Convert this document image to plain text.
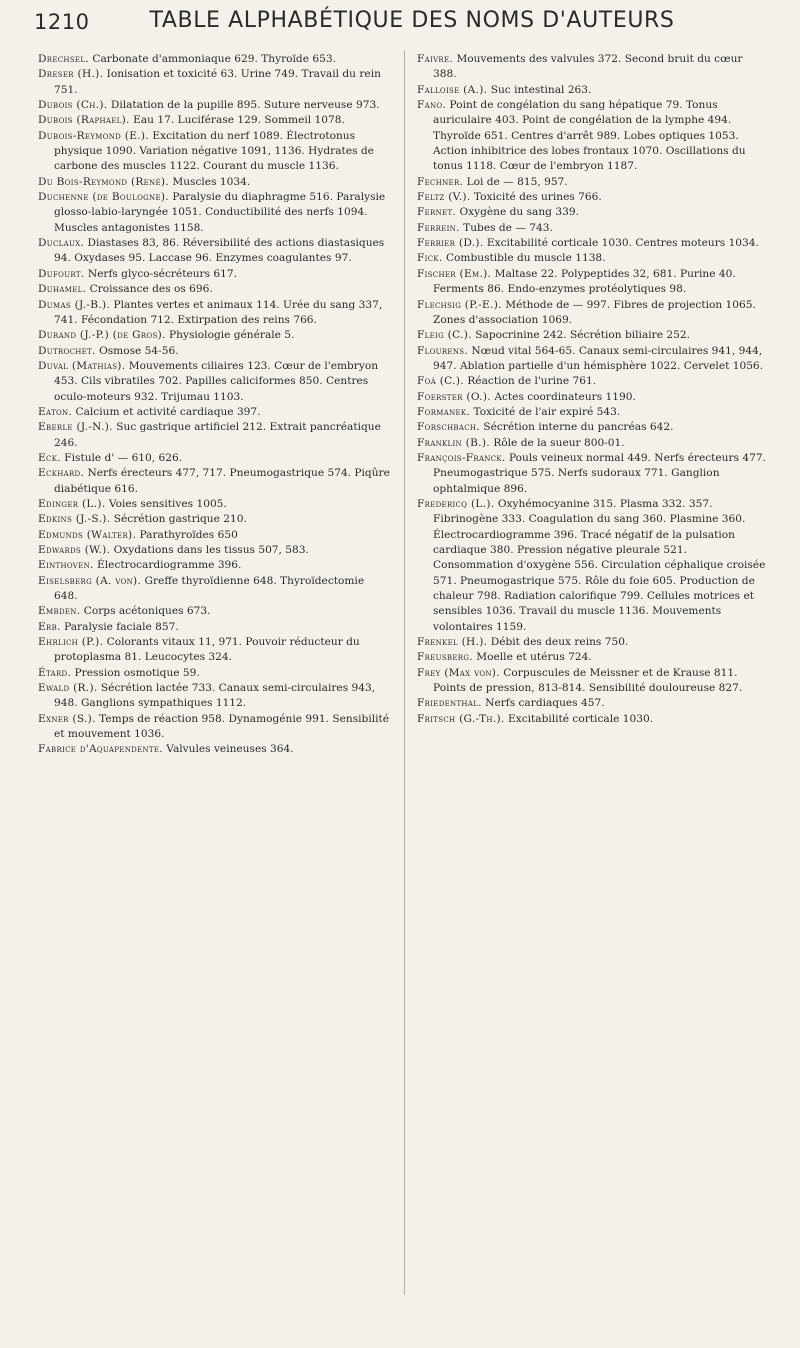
1210	TABLE ALPHABÉTIQUE DES NOMS D'AUTEURS
Drechsel. Carbonate d'ammoniaque 629. Thyroïde 653.
Dreser (H.). Ionisation et toxicité 63. Urine 749. Travail du rein 751.
Dubois (Ch.). Dilatation de la pupille 895. Suture nerveuse 973.
Dubois (Raphael). Eau 17. Luciférase 129. Sommeil 1078.
Dubois-Reymond (E.). Excitation du nerf 1089. Électrotonus physique 1090. Variation négative 1091, 1136. Hydrates de carbone des muscles 1122. Courant du muscle 1136.
Du Bois-Reymond (René). Muscles 1034.
Duchenne (de Boulogne). Paralysie du diaphragme 516. Paralysie glosso-labio-laryngée 1051. Conductibilité des nerfs 1094. Muscles antagonistes 1158.
Duclaux. Diastases 83, 86. Réversibilité des actions diastasiques 94. Oxydases 95. Laccase 96. Enzymes coagulantes 97.
Dufourt. Nerfs glyco-sécréteurs 617.
Duhamel. Croissance des os 696.
Dumas (J.-B.). Plantes vertes et animaux 114. Urée du sang 337, 741. Fécondation 712. Extirpation des reins 766.
Durand (J.-P.) (de Gros). Physiologie générale 5.
Dutrochet. Osmose 54-56.
Duval (Mathias). Mouvements ciliaires 123. Cœur de l'embryon 453. Cils vibratiles 702. Papilles caliciformes 850. Centres oculo-moteurs 932. Trijumau 1103.
Eaton. Calcium et activité cardiaque 397.
Eberle (J.-N.). Suc gastrique artificiel 212. Extrait pancréatique 246.
Eck. Fistule d' — 610, 626.
Eckhard. Nerfs érecteurs 477, 717. Pneumogastrique 574. Piqûre diabétique 616.
Edinger (L.). Voies sensitives 1005.
Edkins (J.-S.). Sécrétion gastrique 210.
Edmunds (Walter). Parathyroïdes 650
Edwards (W.). Oxydations dans les tissus 507, 583.
Einthoven. Électrocardiogramme 396.
Eiselsberg (A. von). Greffe thyroïdienne 648. Thyroïdectomie 648.
Embden. Corps acétoniques 673.
Erb. Paralysie faciale 857.
Ehrlich (P.). Colorants vitaux 11, 971. Pouvoir réducteur du protoplasma 81. Leucocytes 324.
Étard. Pression osmotique 59.
Ewald (R.). Sécrétion lactée 733. Canaux semi-circulaires 943, 948. Ganglions sympathiques 1112.
Exner (S.). Temps de réaction 958. Dynamogénie 991. Sensibilité et mouvement 1036.
Fabrice d'Aquapendente. Valvules veineuses 364.
Faivre. Mouvements des valvules 372. Second bruit du cœur 388.
Falloise (A.). Suc intestinal 263.
Fano. Point de congélation du sang hépatique 79. Tonus auriculaire 403. Point de congélation de la lymphe 494. Thyroïde 651. Centres d'arrêt 989. Lobes optiques 1053. Action inhibitrice des lobes frontaux 1070. Oscillations du tonus 1118. Cœur de l'embryon 1187.
Fechner. Loi de — 815, 957.
Feltz (V.). Toxicité des urines 766.
Fernet. Oxygène du sang 339.
Ferrein. Tubes de — 743.
Ferrier (D.). Excitabilité corticale 1030. Centres moteurs 1034.
Fick. Combustible du muscle 1138.
Fischer (Em.). Maltase 22. Polypeptides 32, 681. Purine 40. Ferments 86. Endo-enzymes protéolytiques 98.
Flechsig (P.-E.). Méthode de — 997. Fibres de projection 1065. Zones d'association 1069.
Fleig (C.). Sapocrinine 242. Sécrétion biliaire 252.
Flourens. Nœud vital 564-65. Canaux semi-circulaires 941, 944, 947. Ablation partielle d'un hémisphère 1022. Cervelet 1056.
Foà (C.). Réaction de l'urine 761.
Foerster (O.). Actes coordinateurs 1190.
Formanek. Toxicité de l'air expiré 543.
Forschbach. Sécrétion interne du pancréas 642.
Franklin (B.). Rôle de la sueur 800-01.
François-Franck. Pouls veineux normal 449. Nerfs érecteurs 477. Pneumogastrique 575. Nerfs sudoraux 771. Ganglion ophtalmique 896.
Fredericq (L.). Oxyhémocyanine 315. Plasma 332. 357. Fibrinogène 333. Coagulation du sang 360. Plasmine 360. Électrocardiogramme 396. Tracé négatif de la pulsation cardiaque 380. Pression négative pleurale 521. Consommation d'oxygène 556. Circulation céphalique croisée 571. Pneumogastrique 575. Rôle du foie 605. Production de chaleur 798. Radiation calorifique 799. Cellules motrices et sensibles 1036. Travail du muscle 1136. Mouvements volontaires 1159.
Frenkel (H.). Débit des deux reins 750.
Freusberg. Moelle et utérus 724.
Frey (Max von). Corpuscules de Meissner et de Krause 811. Points de pression, 813-814. Sensibilité douloureuse 827.
Friedenthal. Nerfs cardiaques 457.
Fritsch (G.-Th.). Excitabilité corticale 1030.
